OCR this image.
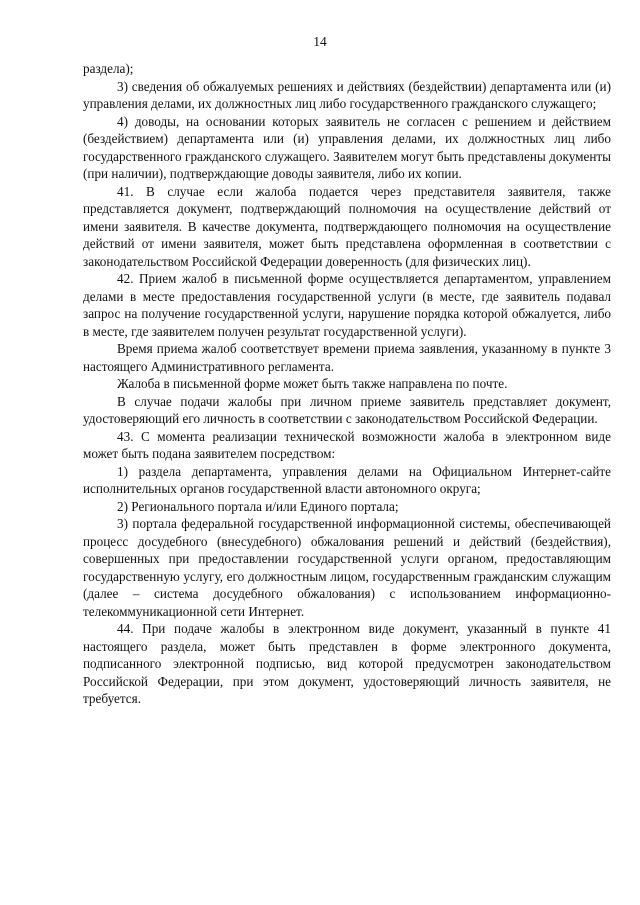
14

раздела);

3) сведения об обжалуемых решениях и действиях (бездействии) департамента или (и) управления делами, их должностных лиц либо государственного гражданского служащего;

4) доводы, на основании которых заявитель не согласен с решением и действием (бездействием) департамента или (и) управления делами, их должностных лиц либо государственного гражданского служащего. Заявителем могут быть представлены документы (при наличии), подтверждающие доводы заявителя, либо их копии.

41. В случае если жалоба подается через представителя заявителя, также представляется документ, подтверждающий полномочия на осуществление действий от имени заявителя. В качестве документа, подтверждающего полномочия на осуществление действий от имени заявителя, может быть представлена оформленная в соответствии с законодательством Российской Федерации доверенность (для физических лиц).

42. Прием жалоб в письменной форме осуществляется департаментом, управлением делами в месте предоставления государственной услуги (в месте, где заявитель подавал запрос на получение государственной услуги, нарушение порядка которой обжалуется, либо в месте, где заявителем получен результат государственной услуги).

Время приема жалоб соответствует времени приема заявления, указанному в пункте 3 настоящего Административного регламента.

Жалоба в письменной форме может быть также направлена по почте.

В случае подачи жалобы при личном приеме заявитель представляет документ, удостоверяющий его личность в соответствии с законодательством Российской Федерации.

43. С момента реализации технической возможности жалоба в электронном виде может быть подана заявителем посредством:

1) раздела департамента, управления делами на Официальном Интернет-сайте исполнительных органов государственной власти автономного округа;

2) Регионального портала и/или Единого портала;

3) портала федеральной государственной информационной системы, обеспечивающей процесс досудебного (внесудебного) обжалования решений и действий (бездействия), совершенных при предоставлении государственной услуги органом, предоставляющим государственную услугу, его должностным лицом, государственным гражданским служащим (далее – система досудебного обжалования) с использованием информационно-телекоммуникационной сети Интернет.

44. При подаче жалобы в электронном виде документ, указанный в пункте 41 настоящего раздела, может быть представлен в форме электронного документа, подписанного электронной подписью, вид которой предусмотрен законодательством Российской Федерации, при этом документ, удостоверяющий личность заявителя, не требуется.
